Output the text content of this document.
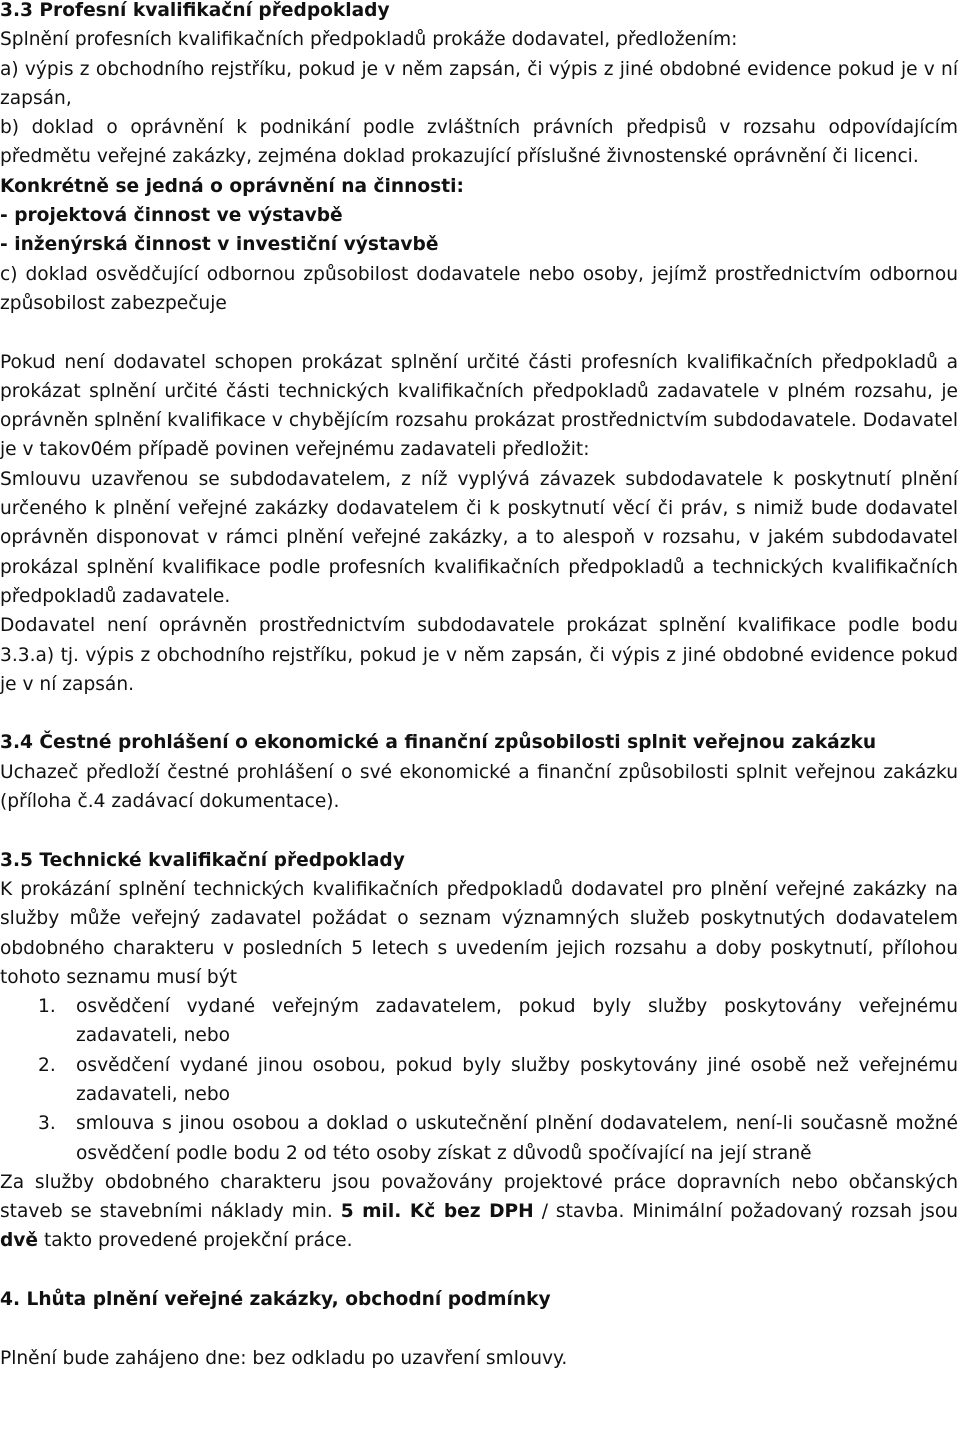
3.3 Profesní kvalifikační předpoklady

Splnění profesních kvalifikačních předpokladů prokáže dodavatel, předložením:

a) výpis z obchodního rejstříku, pokud je v něm zapsán, či výpis z jiné obdobné evidence pokud je v ní zapsán,

b) doklad o oprávnění k podnikání podle zvláštních právních předpisů v rozsahu odpovídajícím předmětu veřejné zakázky, zejména doklad prokazující příslušné živnostenské oprávnění či licenci.

Konkrétně se jedná o oprávnění na činnosti:

- projektová činnost ve výstavbě

- inženýrská činnost v investiční výstavbě

c) doklad osvědčující odbornou způsobilost dodavatele nebo osoby, jejímž prostřednictvím odbornou způsobilost zabezpečuje

Pokud není dodavatel schopen prokázat splnění určité části profesních kvalifikačních předpokladů a prokázat splnění určité části technických kvalifikačních předpokladů zadavatele v plném rozsahu, je oprávněn splnění kvalifikace v chybějícím rozsahu prokázat prostřednictvím subdodavatele. Dodavatel je v takov0ém případě povinen veřejnému zadavateli předložit:

Smlouvu uzavřenou se subdodavatelem, z níž vyplývá závazek subdodavatele k poskytnutí plnění určeného k plnění veřejné zakázky dodavatelem či k poskytnutí věcí či práv, s nimiž bude dodavatel oprávněn disponovat v rámci plnění veřejné zakázky, a to alespoň v rozsahu, v jakém subdodavatel prokázal splnění kvalifikace podle profesních kvalifikačních předpokladů a technických kvalifikačních předpokladů zadavatele.

Dodavatel není oprávněn prostřednictvím subdodavatele prokázat splnění kvalifikace podle bodu 3.3.a) tj. výpis z obchodního rejstříku, pokud je v něm zapsán, či výpis z jiné obdobné evidence pokud je v ní zapsán.

3.4 Čestné prohlášení o ekonomické a finanční způsobilosti splnit veřejnou zakázku

Uchazeč předloží čestné prohlášení o své ekonomické a finanční způsobilosti splnit veřejnou zakázku (příloha č.4 zadávací dokumentace).

3.5 Technické kvalifikační předpoklady

K prokázání splnění technických kvalifikačních předpokladů dodavatel pro plnění veřejné zakázky na služby může veřejný zadavatel požádat o seznam významných služeb poskytnutých dodavatelem obdobného charakteru v posledních 5 letech s uvedením jejich rozsahu a doby poskytnutí, přílohou tohoto seznamu musí být

1. osvědčení vydané veřejným zadavatelem, pokud byly služby poskytovány veřejnému zadavateli, nebo
2. osvědčení vydané jinou osobou, pokud byly služby poskytovány jiné osobě než veřejnému zadavateli, nebo
3. smlouva s jinou osobou a doklad o uskutečnění plnění dodavatelem, není-li současně možné osvědčení podle bodu 2 od této osoby získat z důvodů spočívající na její straně

Za služby obdobného charakteru jsou považovány projektové práce dopravních nebo občanských staveb se stavebními náklady min. 5 mil. Kč bez DPH / stavba. Minimální požadovaný rozsah jsou dvě takto provedené projekční práce.

4. Lhůta plnění veřejné zakázky, obchodní podmínky

Plnění bude zahájeno dne: bez odkladu po uzavření smlouvy.
